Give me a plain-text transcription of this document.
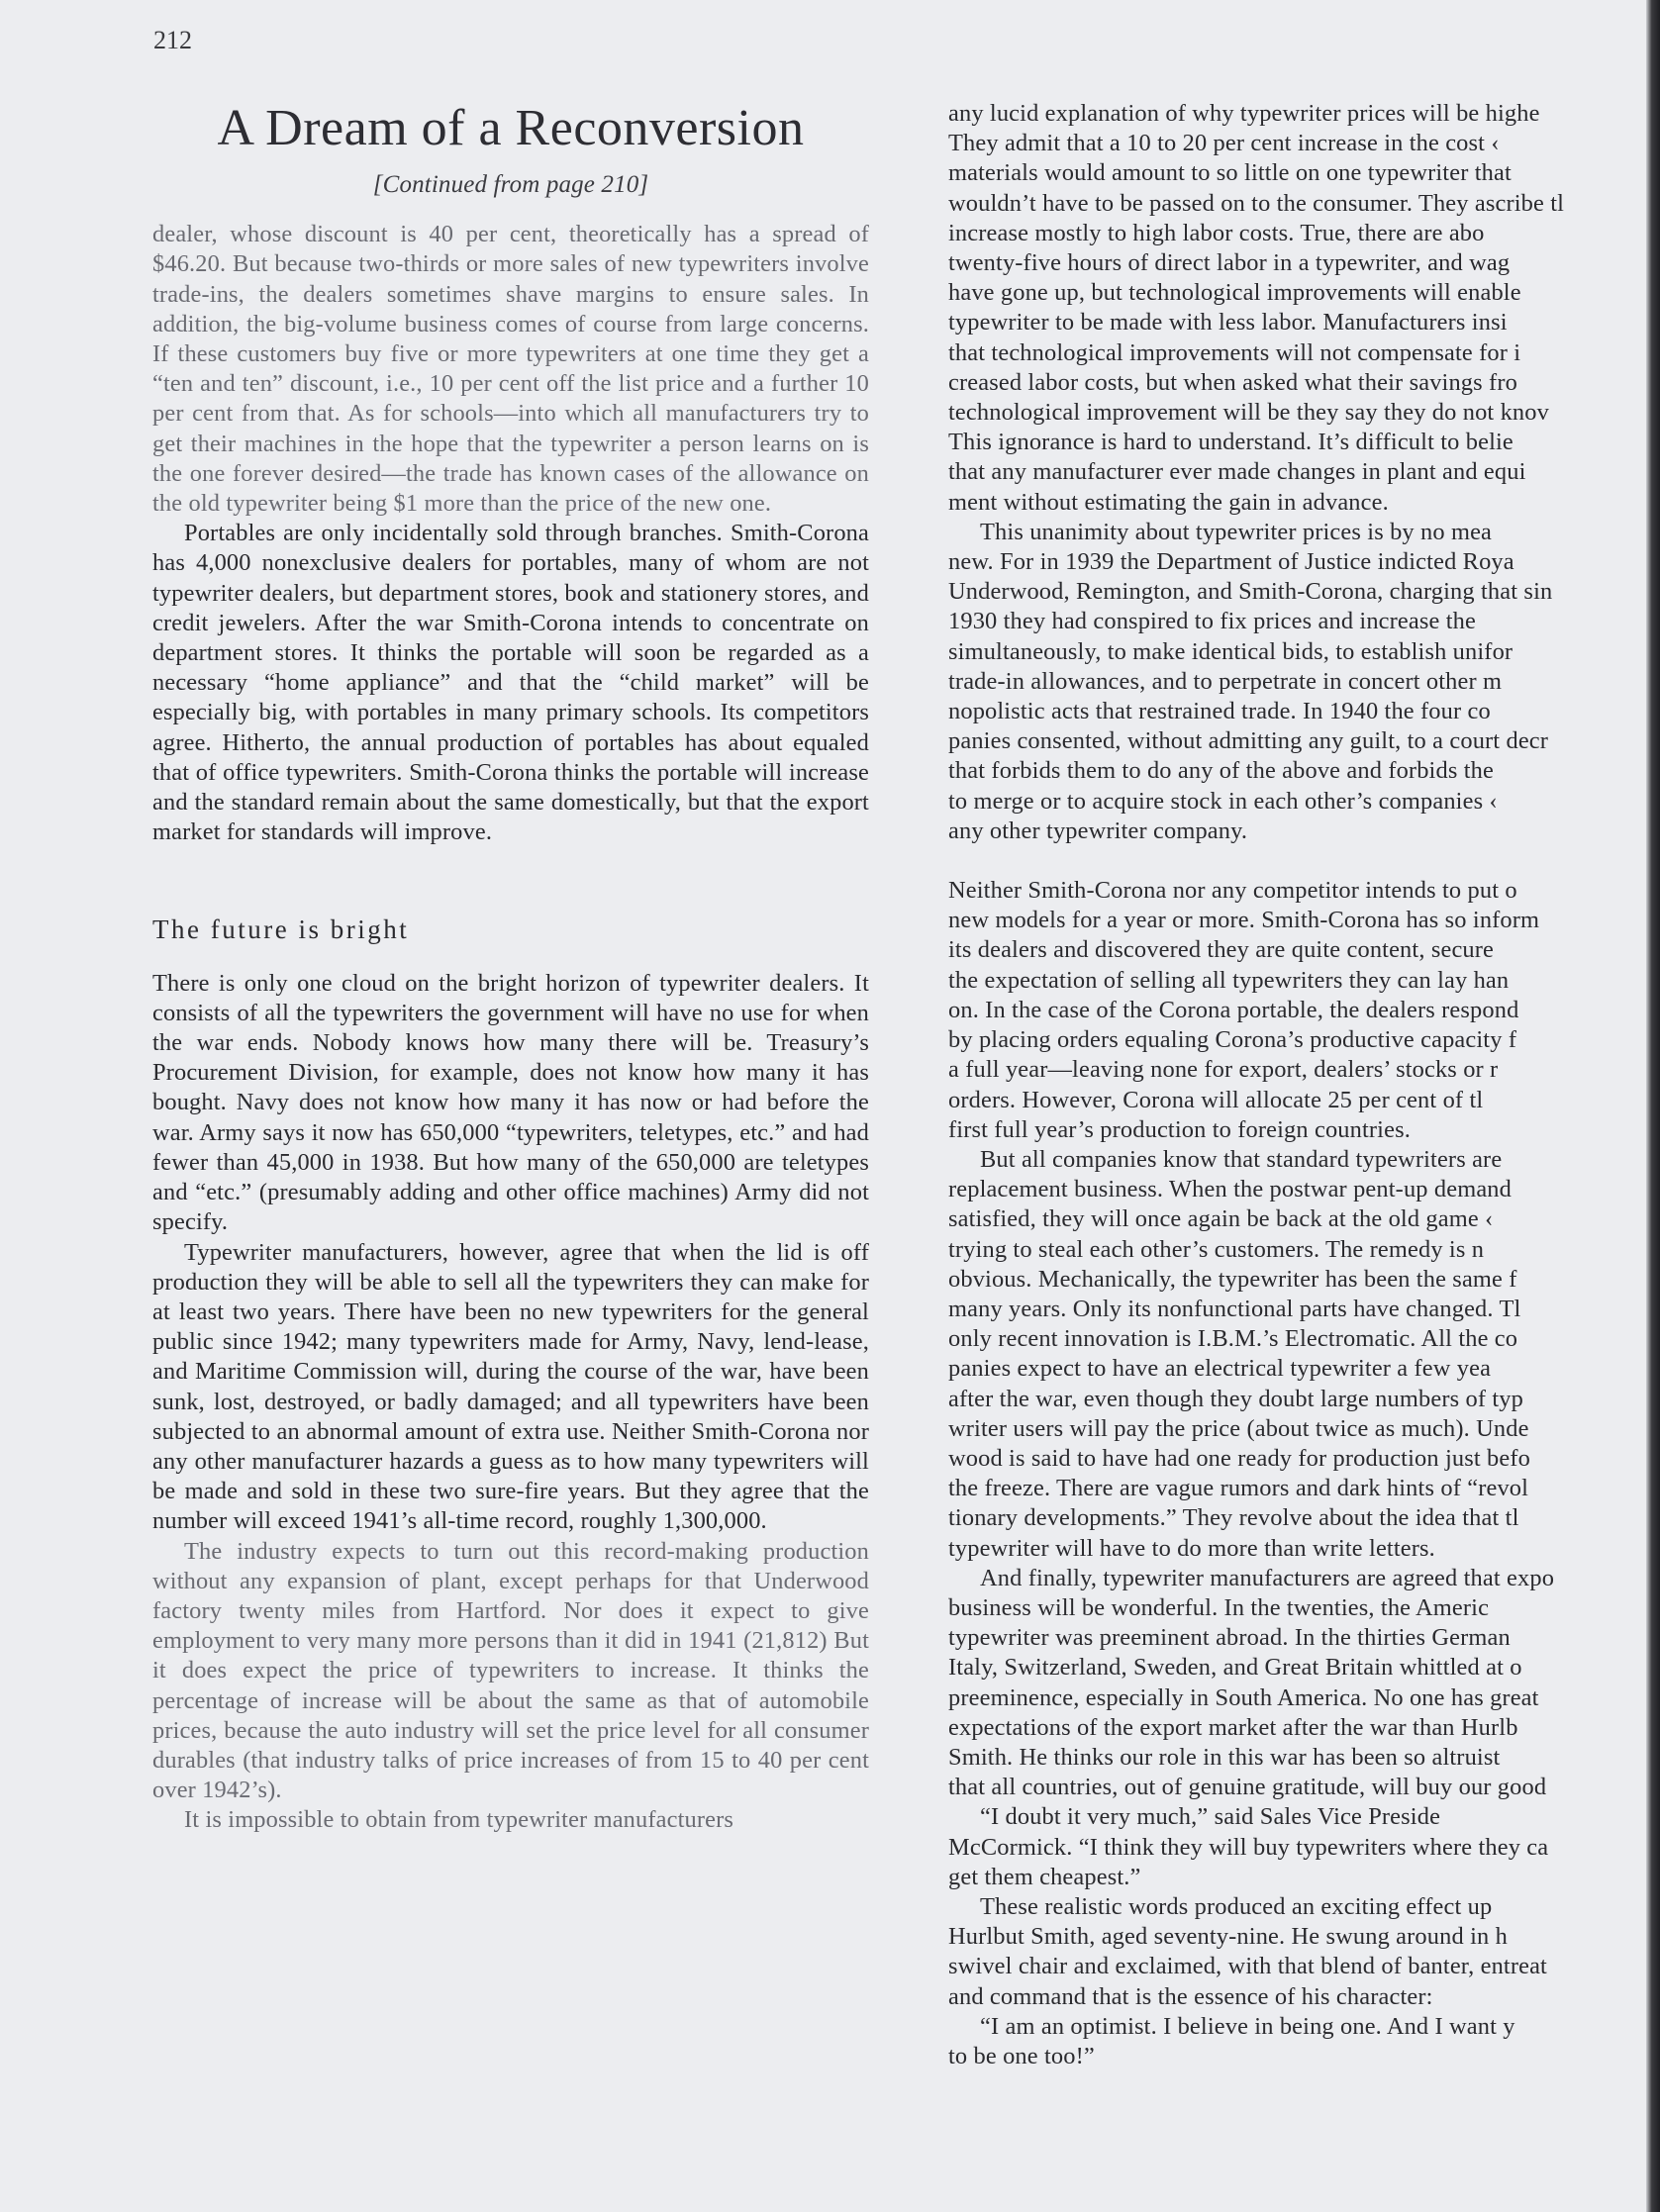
212
A Dream of a Reconversion
[Continued from page 210]

dealer, whose discount is 40 per cent, theoretically has a spread of $46.20. But because two-thirds or more sales of new typewriters involve trade-ins, the dealers sometimes shave margins to ensure sales. In addition, the big-volume business comes of course from large concerns. If these customers buy five or more typewriters at one time they get a “ten and ten” discount, i.e., 10 per cent off the list price and a further 10 per cent from that. As for schools—into which all manufacturers try to get their machines in the hope that the typewriter a person learns on is the one forever desired—the trade has known cases of the allowance on the old typewriter being $1 more than the price of the new one.

Portables are only incidentally sold through branches. Smith-Corona has 4,000 nonexclusive dealers for portables, many of whom are not typewriter dealers, but department stores, book and stationery stores, and credit jewelers. After the war Smith-Corona intends to concentrate on department stores. It thinks the portable will soon be regarded as a necessary “home appliance” and that the “child market” will be especially big, with portables in many primary schools. Its competitors agree. Hitherto, the annual production of portables has about equaled that of office typewriters. Smith-Corona thinks the portable will increase and the standard remain about the same domestically, but that the export market for standards will improve.

The future is bright

There is only one cloud on the bright horizon of typewriter dealers. It consists of all the typewriters the government will have no use for when the war ends. Nobody knows how many there will be. Treasury’s Procurement Division, for example, does not know how many it has bought. Navy does not know how many it has now or had before the war. Army says it now has 650,000 “typewriters, teletypes, etc.” and had fewer than 45,000 in 1938. But how many of the 650,000 are teletypes and “etc.” (presumably adding and other office machines) Army did not specify.

Typewriter manufacturers, however, agree that when the lid is off production they will be able to sell all the typewriters they can make for at least two years. There have been no new typewriters for the general public since 1942; many typewriters made for Army, Navy, lend-lease, and Maritime Commission will, during the course of the war, have been sunk, lost, destroyed, or badly damaged; and all typewriters have been subjected to an abnormal amount of extra use. Neither Smith-Corona nor any other manufacturer hazards a guess as to how many typewriters will be made and sold in these two sure-fire years. But they agree that the number will exceed 1941’s all-time record, roughly 1,300,000.

The industry expects to turn out this record-making production without any expansion of plant, except perhaps for that Underwood factory twenty miles from Hartford. Nor does it expect to give employment to very many more persons than it did in 1941 (21,812) But it does expect the price of typewriters to increase. It thinks the percentage of increase will be about the same as that of automobile prices, because the auto industry will set the price level for all consumer durables (that industry talks of price increases of from 15 to 40 per cent over 1942’s).

It is impossible to obtain from typewriter manufacturers

any lucid explanation of why typewriter prices will be highe

They admit that a 10 to 20 per cent increase in the cost ‹

materials would amount to so little on one typewriter that

wouldn’t have to be passed on to the consumer. They ascribe tl

increase mostly to high labor costs. True, there are abo

twenty-five hours of direct labor in a typewriter, and wag

have gone up, but technological improvements will enable

typewriter to be made with less labor. Manufacturers insi

that technological improvements will not compensate for i

creased labor costs, but when asked what their savings fro

technological improvement will be they say they do not knov

This ignorance is hard to understand. It’s difficult to belie

that any manufacturer ever made changes in plant and equi

ment without estimating the gain in advance.

This unanimity about typewriter prices is by no mea

new. For in 1939 the Department of Justice indicted Roya

Underwood, Remington, and Smith-Corona, charging that sin

1930 they had conspired to fix prices and increase the

simultaneously, to make identical bids, to establish unifor

trade-in allowances, and to perpetrate in concert other m

nopolistic acts that restrained trade. In 1940 the four co

panies consented, without admitting any guilt, to a court decr

that forbids them to do any of the above and forbids the

to merge or to acquire stock in each other’s companies ‹

any other typewriter company.

Neither Smith-Corona nor any competitor intends to put o

new models for a year or more. Smith-Corona has so inform

its dealers and discovered they are quite content, secure

the expectation of selling all typewriters they can lay han

on. In the case of the Corona portable, the dealers respond

by placing orders equaling Corona’s productive capacity f

a full year—leaving none for export, dealers’ stocks or r

orders. However, Corona will allocate 25 per cent of tl

first full year’s production to foreign countries.

But all companies know that standard typewriters are

replacement business. When the postwar pent-up demand

satisfied, they will once again be back at the old game ‹

trying to steal each other’s customers. The remedy is n

obvious. Mechanically, the typewriter has been the same f

many years. Only its nonfunctional parts have changed. Tl

only recent innovation is I.B.M.’s Electromatic. All the co

panies expect to have an electrical typewriter a few yea

after the war, even though they doubt large numbers of typ

writer users will pay the price (about twice as much). Unde

wood is said to have had one ready for production just befo

the freeze. There are vague rumors and dark hints of “revol

tionary developments.” They revolve about the idea that tl

typewriter will have to do more than write letters.

And finally, typewriter manufacturers are agreed that expo

business will be wonderful. In the twenties, the Americ

typewriter was preeminent abroad. In the thirties German

Italy, Switzerland, Sweden, and Great Britain whittled at o

preeminence, especially in South America. No one has great

expectations of the export market after the war than Hurlb

Smith. He thinks our role in this war has been so altruist

that all countries, out of genuine gratitude, will buy our good

“I doubt it very much,” said Sales Vice Preside

McCormick. “I think they will buy typewriters where they ca

get them cheapest.”

These realistic words produced an exciting effect up

Hurlbut Smith, aged seventy-nine. He swung around in h

swivel chair and exclaimed, with that blend of banter, entreat

and command that is the essence of his character:

“I am an optimist. I believe in being one. And I want y

to be one too!”
